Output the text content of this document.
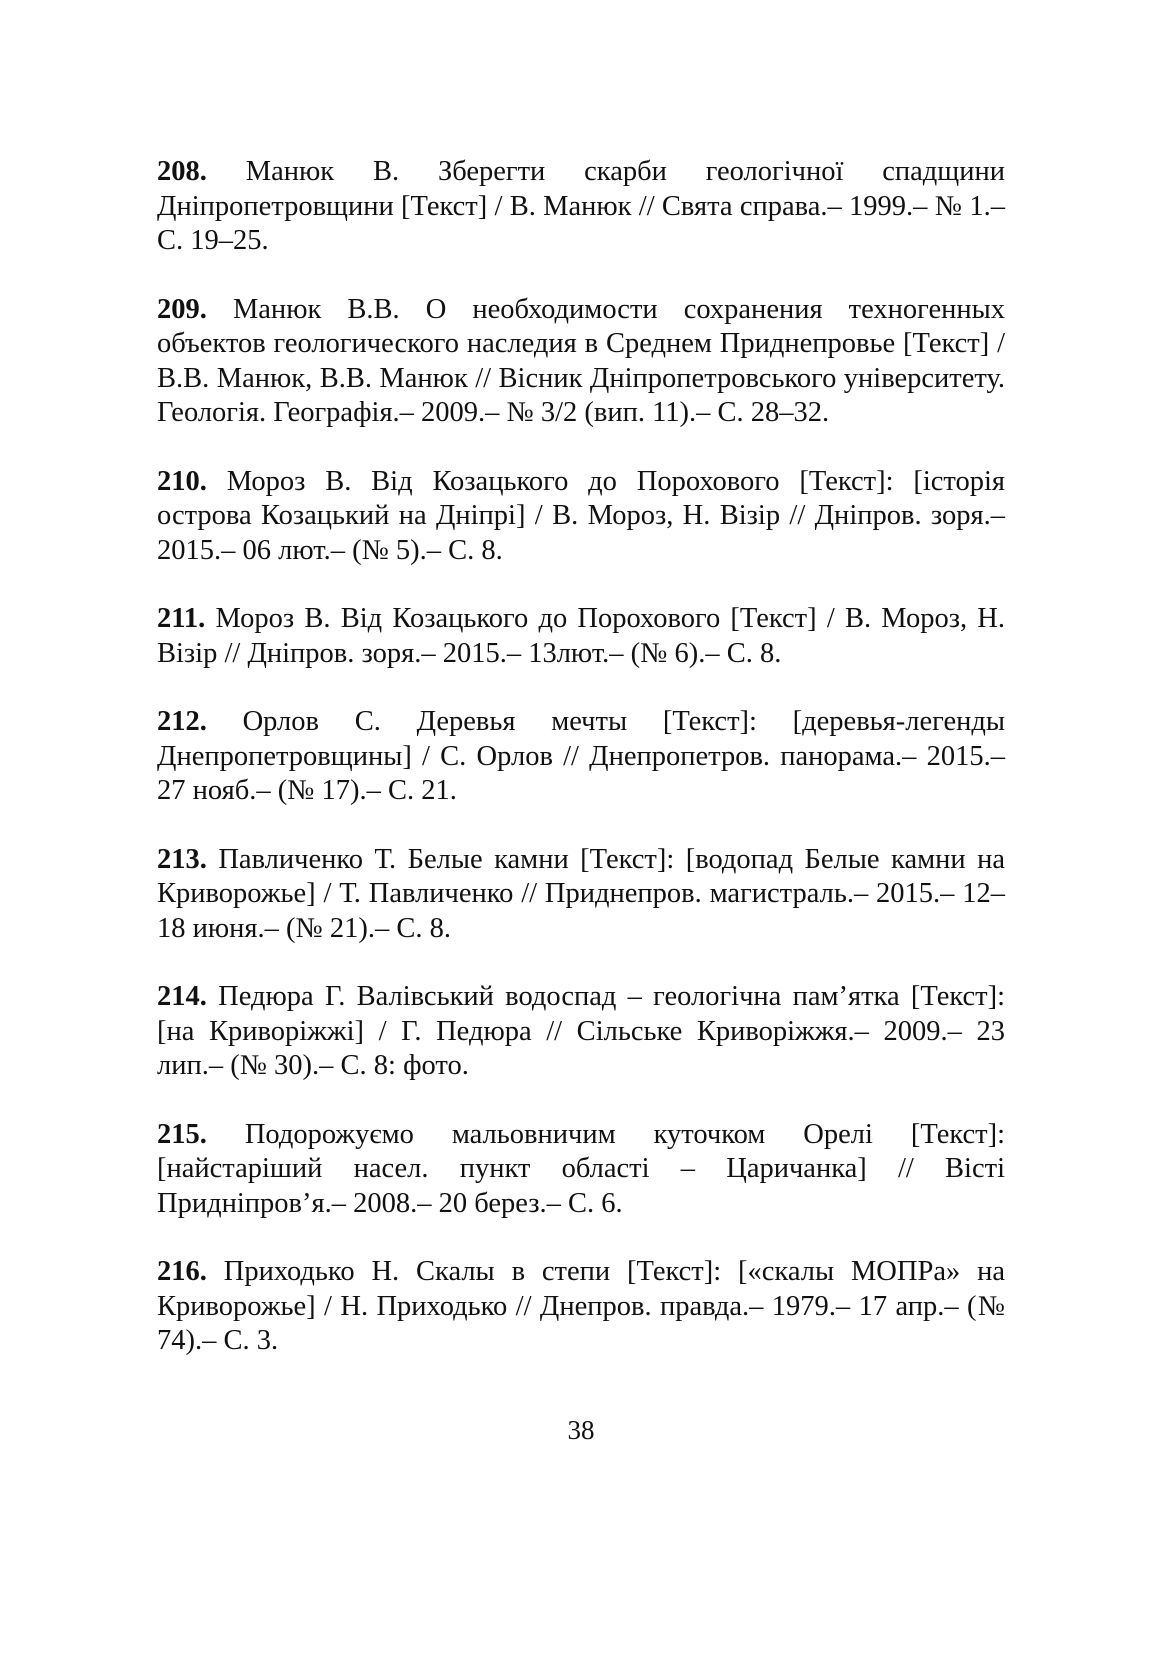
208. Манюк В. Зберегти скарби геологічної спадщини Дніпропетровщини [Текст] / В. Манюк // Свята справа.– 1999.– № 1.– С. 19–25.

209. Манюк В.В. О необходимости сохранения техногенных объектов геологического наследия в Среднем Приднепровье [Текст] / В.В. Манюк, В.В. Манюк // Вісник Дніпропетровського університету. Геологія. Географія.– 2009.– № 3/2 (вип. 11).– С. 28–32.

210. Мороз В. Від Козацького до Порохового [Текст]: [історія острова Козацький на Дніпрі] / В. Мороз, Н. Візір // Дніпров. зоря.– 2015.– 06 лют.– (№ 5).– С. 8.

211. Мороз В. Від Козацького до Порохового [Текст] / В. Мороз, Н. Візір // Дніпров. зоря.– 2015.– 13лют.– (№ 6).– С. 8.

212. Орлов С. Деревья мечты [Текст]: [деревья-легенды Днепропетровщины] / С. Орлов // Днепропетров. панорама.– 2015.– 27 нояб.– (№ 17).– С. 21.

213. Павличенко Т. Белые камни [Текст]: [водопад Белые камни на Криворожье] / Т. Павличенко // Приднепров. магистраль.– 2015.– 12–18 июня.– (№ 21).– С. 8.

214. Педюра Г. Валівський водоспад – геологічна пам’ятка [Текст]: [на Криворіжжі] / Г. Педюра // Сільське Криворіжжя.– 2009.– 23 лип.– (№ 30).– С. 8: фото.

215. Подорожуємо мальовничим куточком Орелі [Текст]: [найстаріший насел. пункт області – Царичанка] // Вісті Придніпров’я.– 2008.– 20 берез.– С. 6.

216. Приходько Н. Скалы в степи [Текст]: [«скалы МОПРа» на Криворожье] / Н. Приходько // Днепров. правда.– 1979.– 17 апр.– (№ 74).– С. 3.

38
